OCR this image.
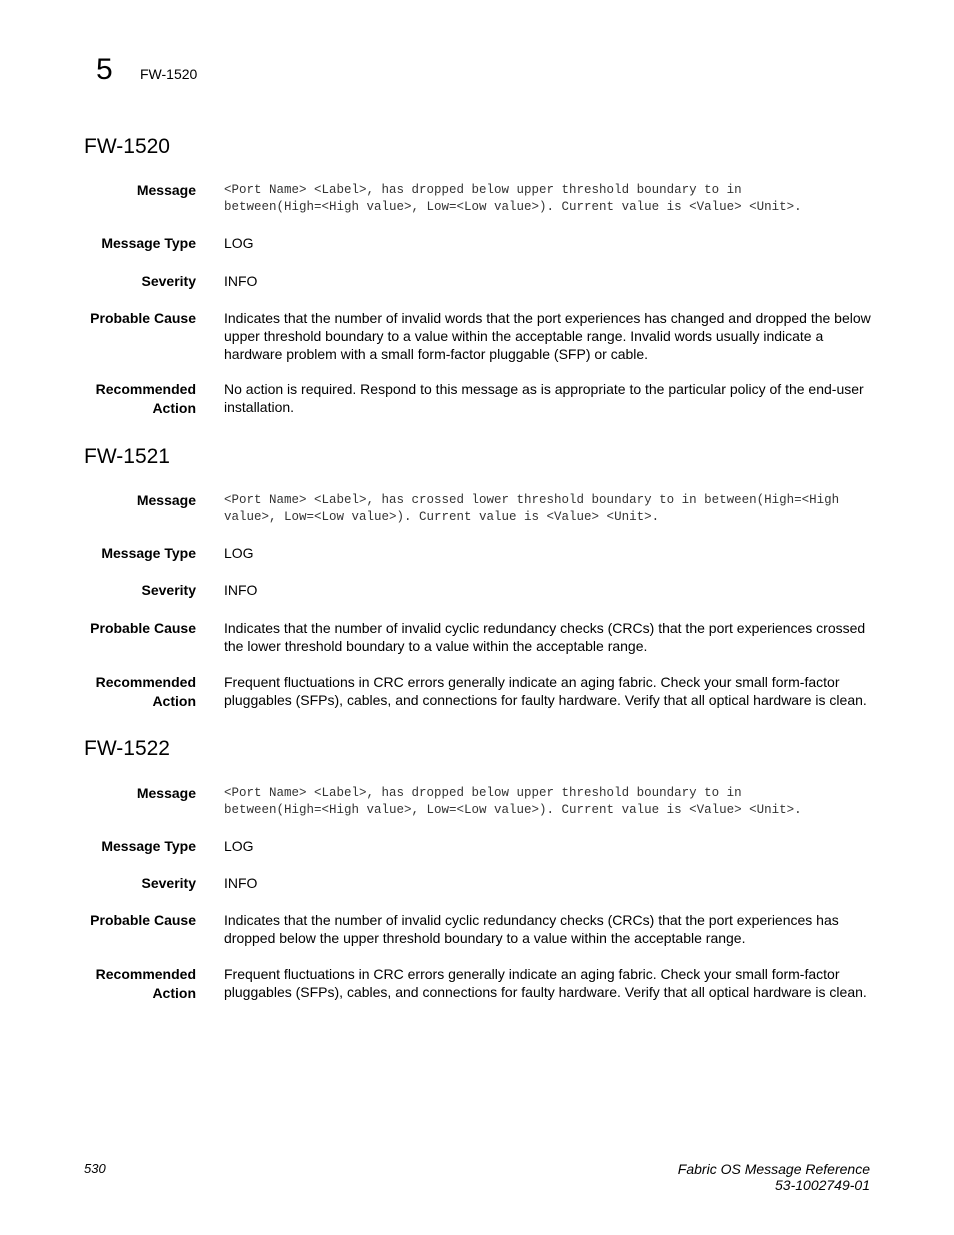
5 FW-1520
FW-1520
Message <Port Name> <Label>, has dropped below upper threshold boundary to in
between(High=<High value>, Low=<Low value>). Current value is <Value> <Unit>.
Message Type LOG
Severity INFO
Probable Cause Indicates that the number of invalid words that the port experiences has changed and dropped the below upper threshold boundary to a value within the acceptable range. Invalid words usually indicate a hardware problem with a small form-factor pluggable (SFP) or cable.
Recommended
Action
No action is required. Respond to this message as is appropriate to the particular policy of the end-user installation.
FW-1521
Message <Port Name> <Label>, has crossed lower threshold boundary to in between(High=<High
value>, Low=<Low value>). Current value is <Value> <Unit>.
Message Type LOG
Severity INFO
Probable Cause Indicates that the number of invalid cyclic redundancy checks (CRCs) that the port experiences crossed the lower threshold boundary to a value within the acceptable range.
Recommended
Action
Frequent fluctuations in CRC errors generally indicate an aging fabric. Check your small form-factor pluggables (SFPs), cables, and connections for faulty hardware. Verify that all optical hardware is clean.
FW-1522
Message <Port Name> <Label>, has dropped below upper threshold boundary to in
between(High=<High value>, Low=<Low value>). Current value is <Value> <Unit>.
Message Type LOG
Severity INFO
Probable Cause Indicates that the number of invalid cyclic redundancy checks (CRCs) that the port experiences has dropped below the upper threshold boundary to a value within the acceptable range.
Recommended
Action
Frequent fluctuations in CRC errors generally indicate an aging fabric. Check your small form-factor pluggables (SFPs), cables, and connections for faulty hardware. Verify that all optical hardware is clean.
530	Fabric OS Message Reference
53-1002749-01
